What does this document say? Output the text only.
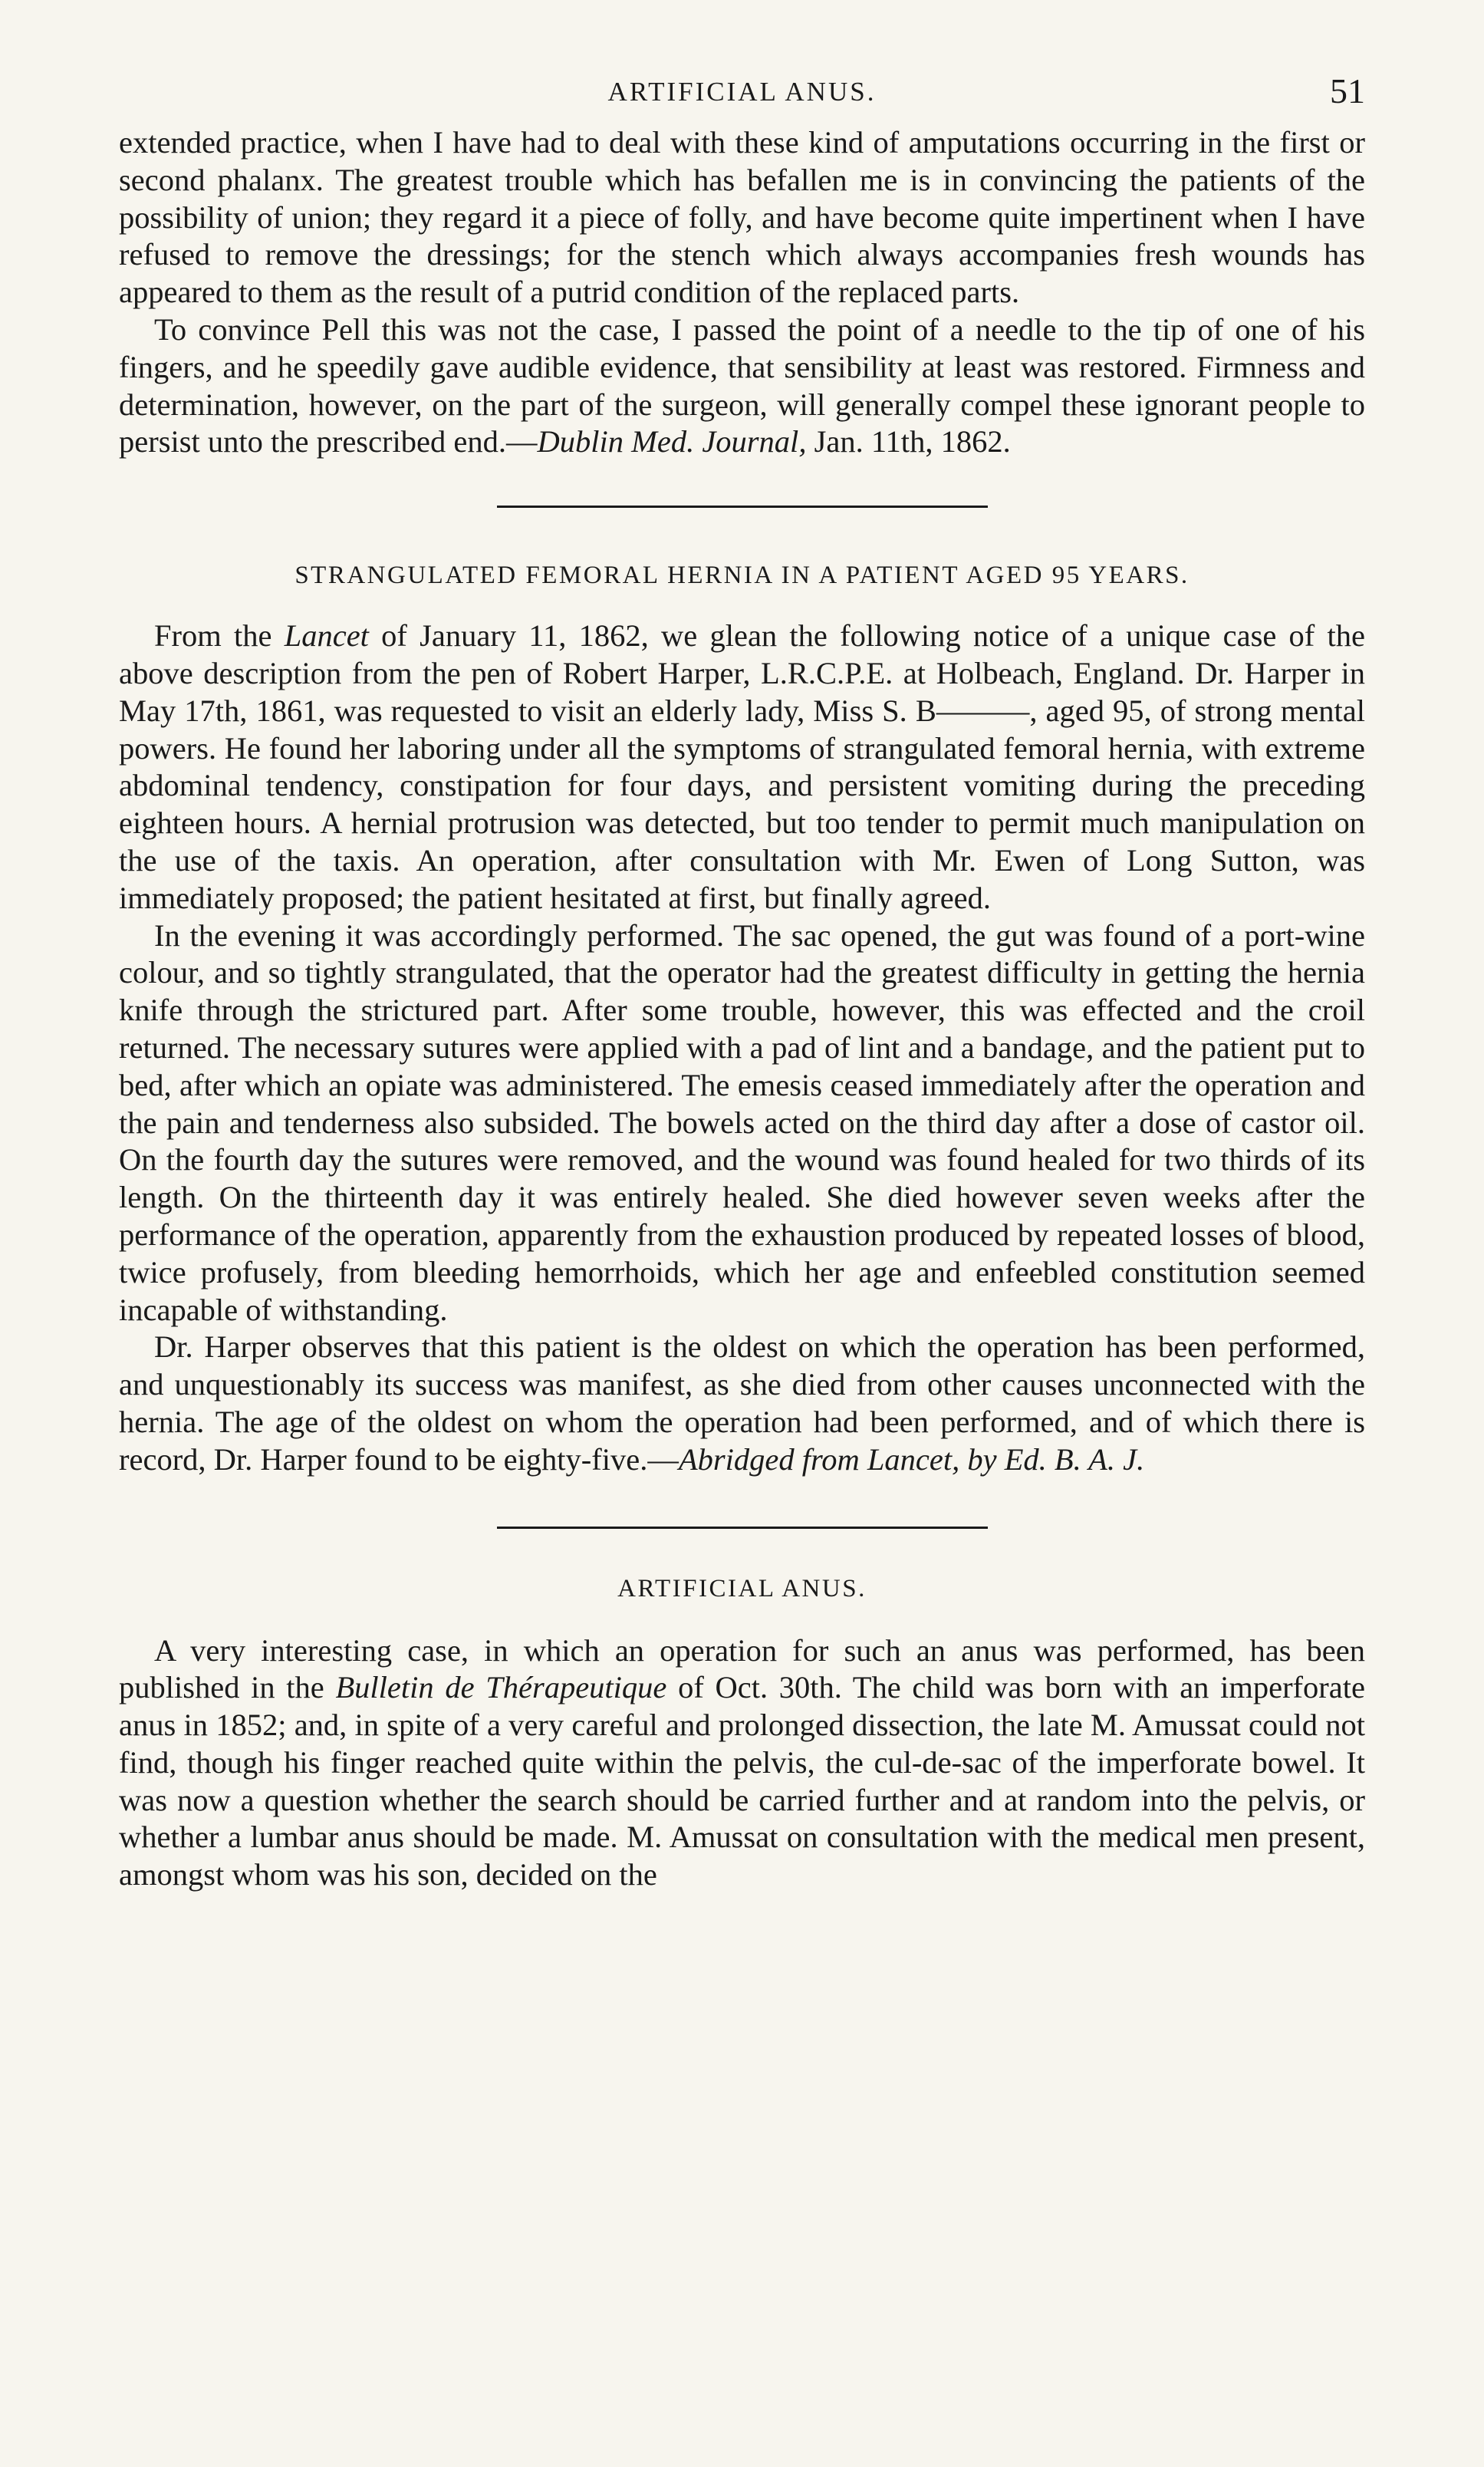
ARTIFICIAL ANUS.	51

extended practice, when I have had to deal with these kind of amputations occurring in the first or second phalanx. The greatest trouble which has befallen me is in convincing the patients of the possibility of union; they regard it a piece of folly, and have become quite impertinent when I have refused to remove the dressings; for the stench which always accompanies fresh wounds has appeared to them as the result of a putrid condition of the replaced parts.

To convince Pell this was not the case, I passed the point of a needle to the tip of one of his fingers, and he speedily gave audible evidence, that sensibility at least was restored. Firmness and determination, however, on the part of the surgeon, will generally compel these ignorant people to persist unto the prescribed end.—Dublin Med. Journal, Jan. 11th, 1862.

STRANGULATED FEMORAL HERNIA IN A PATIENT AGED 95 YEARS.

From the Lancet of January 11, 1862, we glean the following notice of a unique case of the above description from the pen of Robert Harper, L.R.C.P.E. at Holbeach, England. Dr. Harper in May 17th, 1861, was requested to visit an elderly lady, Miss S. B———, aged 95, of strong mental powers. He found her laboring under all the symptoms of strangulated femoral hernia, with extreme abdominal tendency, constipation for four days, and persistent vomiting during the preceding eighteen hours. A hernial protrusion was detected, but too tender to permit much manipulation on the use of the taxis. An operation, after consultation with Mr. Ewen of Long Sutton, was immediately proposed; the patient hesitated at first, but finally agreed.

In the evening it was accordingly performed. The sac opened, the gut was found of a port-wine colour, and so tightly strangulated, that the operator had the greatest difficulty in getting the hernia knife through the strictured part. After some trouble, however, this was effected and the croil returned. The necessary sutures were applied with a pad of lint and a bandage, and the patient put to bed, after which an opiate was administered. The emesis ceased immediately after the operation and the pain and tenderness also subsided. The bowels acted on the third day after a dose of castor oil. On the fourth day the sutures were removed, and the wound was found healed for two thirds of its length. On the thirteenth day it was entirely healed. She died however seven weeks after the performance of the operation, apparently from the exhaustion produced by repeated losses of blood, twice profusely, from bleeding hemorrhoids, which her age and enfeebled constitution seemed incapable of withstanding.

Dr. Harper observes that this patient is the oldest on which the operation has been performed, and unquestionably its success was manifest, as she died from other causes unconnected with the hernia. The age of the oldest on whom the operation had been performed, and of which there is record, Dr. Harper found to be eighty-five.—Abridged from Lancet, by Ed. B. A. J.

ARTIFICIAL ANUS.

A very interesting case, in which an operation for such an anus was performed, has been published in the Bulletin de Thérapeutique of Oct. 30th. The child was born with an imperforate anus in 1852; and, in spite of a very careful and prolonged dissection, the late M. Amussat could not find, though his finger reached quite within the pelvis, the cul-de-sac of the imperforate bowel. It was now a question whether the search should be carried further and at random into the pelvis, or whether a lumbar anus should be made. M. Amussat on consultation with the medical men present, amongst whom was his son, decided on the
